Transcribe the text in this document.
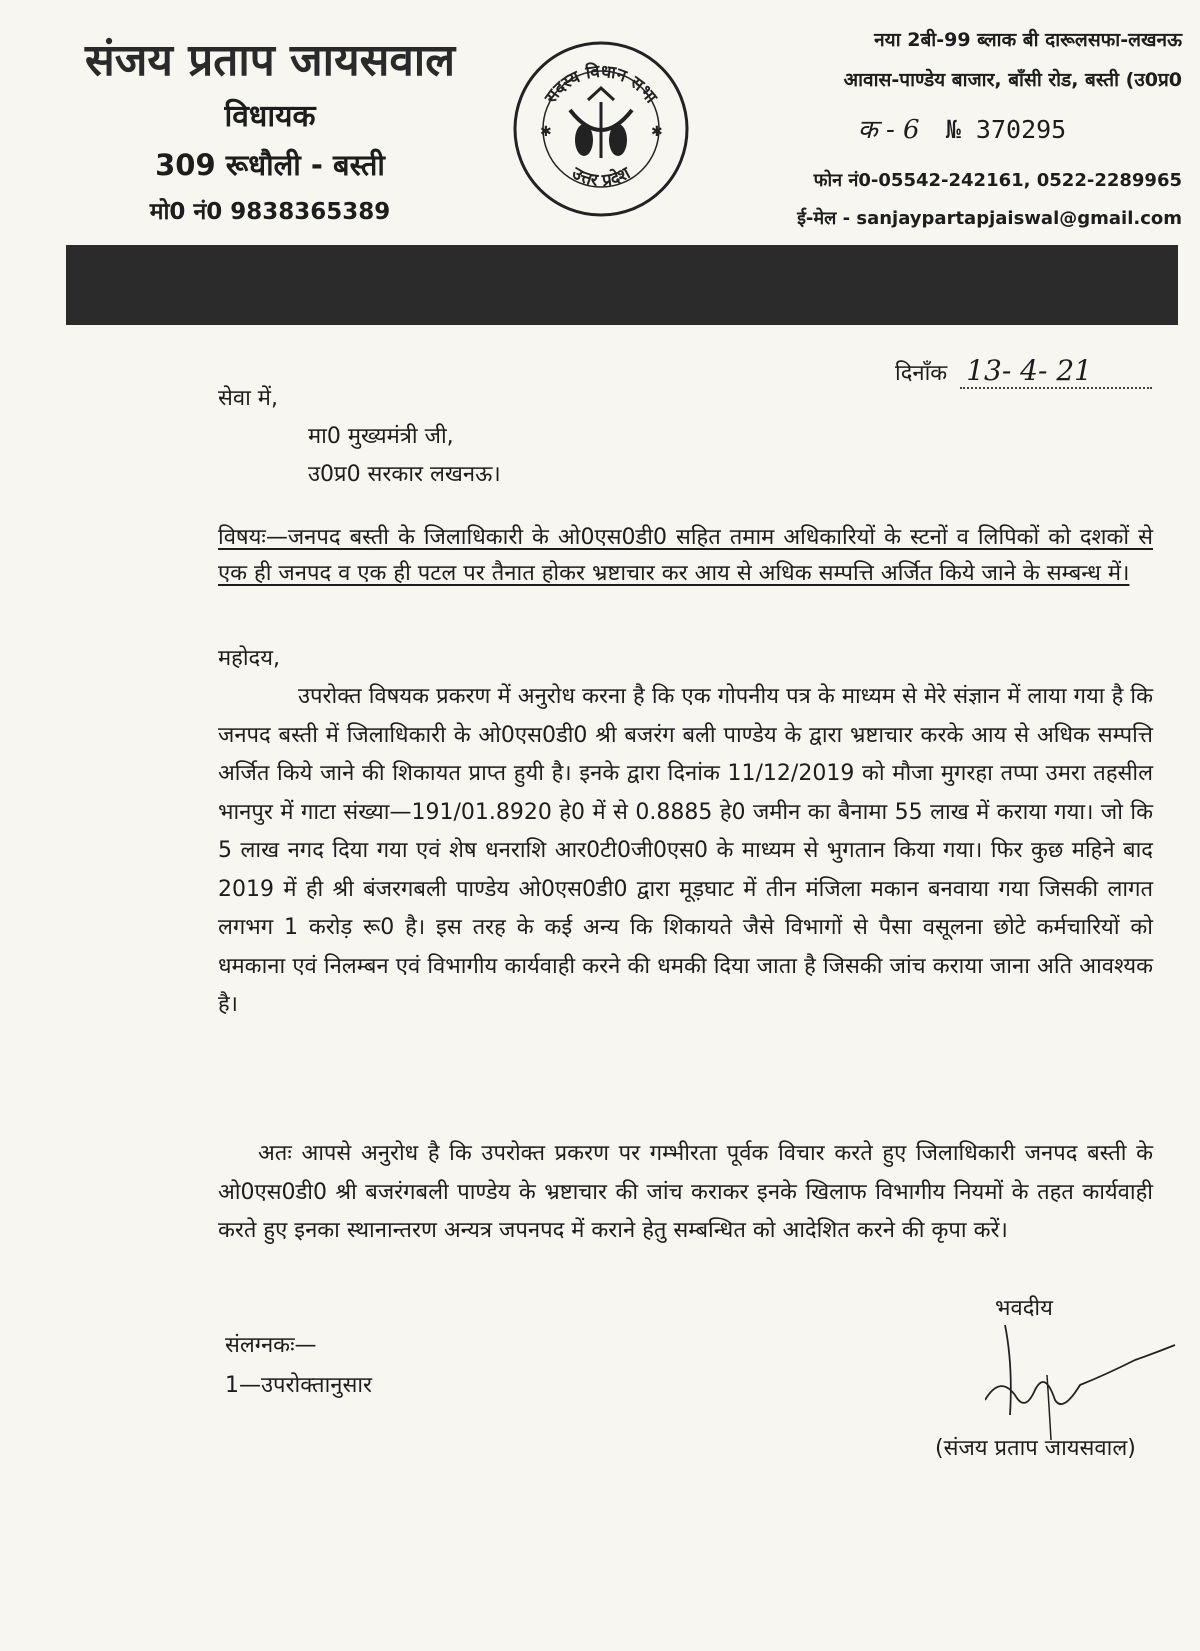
संजय प्रताप जायसवाल

विधायक

309 रूधौली - बस्ती

मो0 नं0 9838365389

सदस्य विधान सभा
उत्तर प्रदेश
✱	✱

नया 2बी-99 ब्लाक बी दारूलसफा-लखनऊ

आवास-पाण्डेय बाजार, बाँसी रोड, बस्ती (उ0प्र0

क - 6 № 370295

फोन नं0-05542-242161, 0522-2289965

ई-मेल - sanjaypartapjaiswal@gmail.com

दिनाँक 13- 4- 21

सेवा में,

मा0 मुख्यमंत्री जी,

उ0प्र0 सरकार लखनऊ।

विषयः—जनपद बस्ती के जिलाधिकारी के ओ0एस0डी0 सहित तमाम अधिकारियों के स्टनों व लिपिकों को दशकों से एक ही जनपद व एक ही पटल पर तैनात होकर भ्रष्टाचार कर आय से अधिक सम्पत्ति अर्जित किये जाने के सम्बन्ध में।
महोदय,

उपरोक्त विषयक प्रकरण में अनुरोध करना है कि एक गोपनीय पत्र के माध्यम से मेरे संज्ञान में लाया गया है कि जनपद बस्ती में जिलाधिकारी के ओ0एस0डी0 श्री बजरंग बली पाण्डेय के द्वारा भ्रष्टाचार करके आय से अधिक सम्पत्ति अर्जित किये जाने की शिकायत प्राप्त हुयी है। इनके द्वारा दिनांक 11/12/2019 को मौजा मुगरहा तप्पा उमरा तहसील भानपुर में गाटा संख्या—191/01.8920 हे0 में से 0.8885 हे0 जमीन का बैनामा 55 लाख में कराया गया। जो कि 5 लाख नगद दिया गया एवं शेष धनराशि आर0टी0जी0एस0 के माध्यम से भुगतान किया गया। फिर कुछ महिने बाद 2019 में ही श्री बंजरगबली पाण्डेय ओ0एस0डी0 द्वारा मूड़घाट में तीन मंजिला मकान बनवाया गया जिसकी लागत लगभग 1 करोड़ रू0 है। इस तरह के कई अन्य कि शिकायते जैसे विभागों से पैसा वसूलना छोटे कर्मचारियों को धमकाना एवं निलम्बन एवं विभागीय कार्यवाही करने की धमकी दिया जाता है जिसकी जांच कराया जाना अति आवश्यक है।

अतः आपसे अनुरोध है कि उपरोक्त प्रकरण पर गम्भीरता पूर्वक विचार करते हुए जिलाधिकारी जनपद बस्ती के ओ0एस0डी0 श्री बजरंगबली पाण्डेय के भ्रष्टाचार की जांच कराकर इनके खिलाफ विभागीय नियमों के तहत कार्यवाही करते हुए इनका स्थानान्तरण अन्यत्र जपनपद में कराने हेतु सम्बन्धित को आदेशित करने की कृपा करें।

भवदीय

संलग्नकः—

1—उपरोक्तानुसार

(संजय प्रताप जायसवाल)
